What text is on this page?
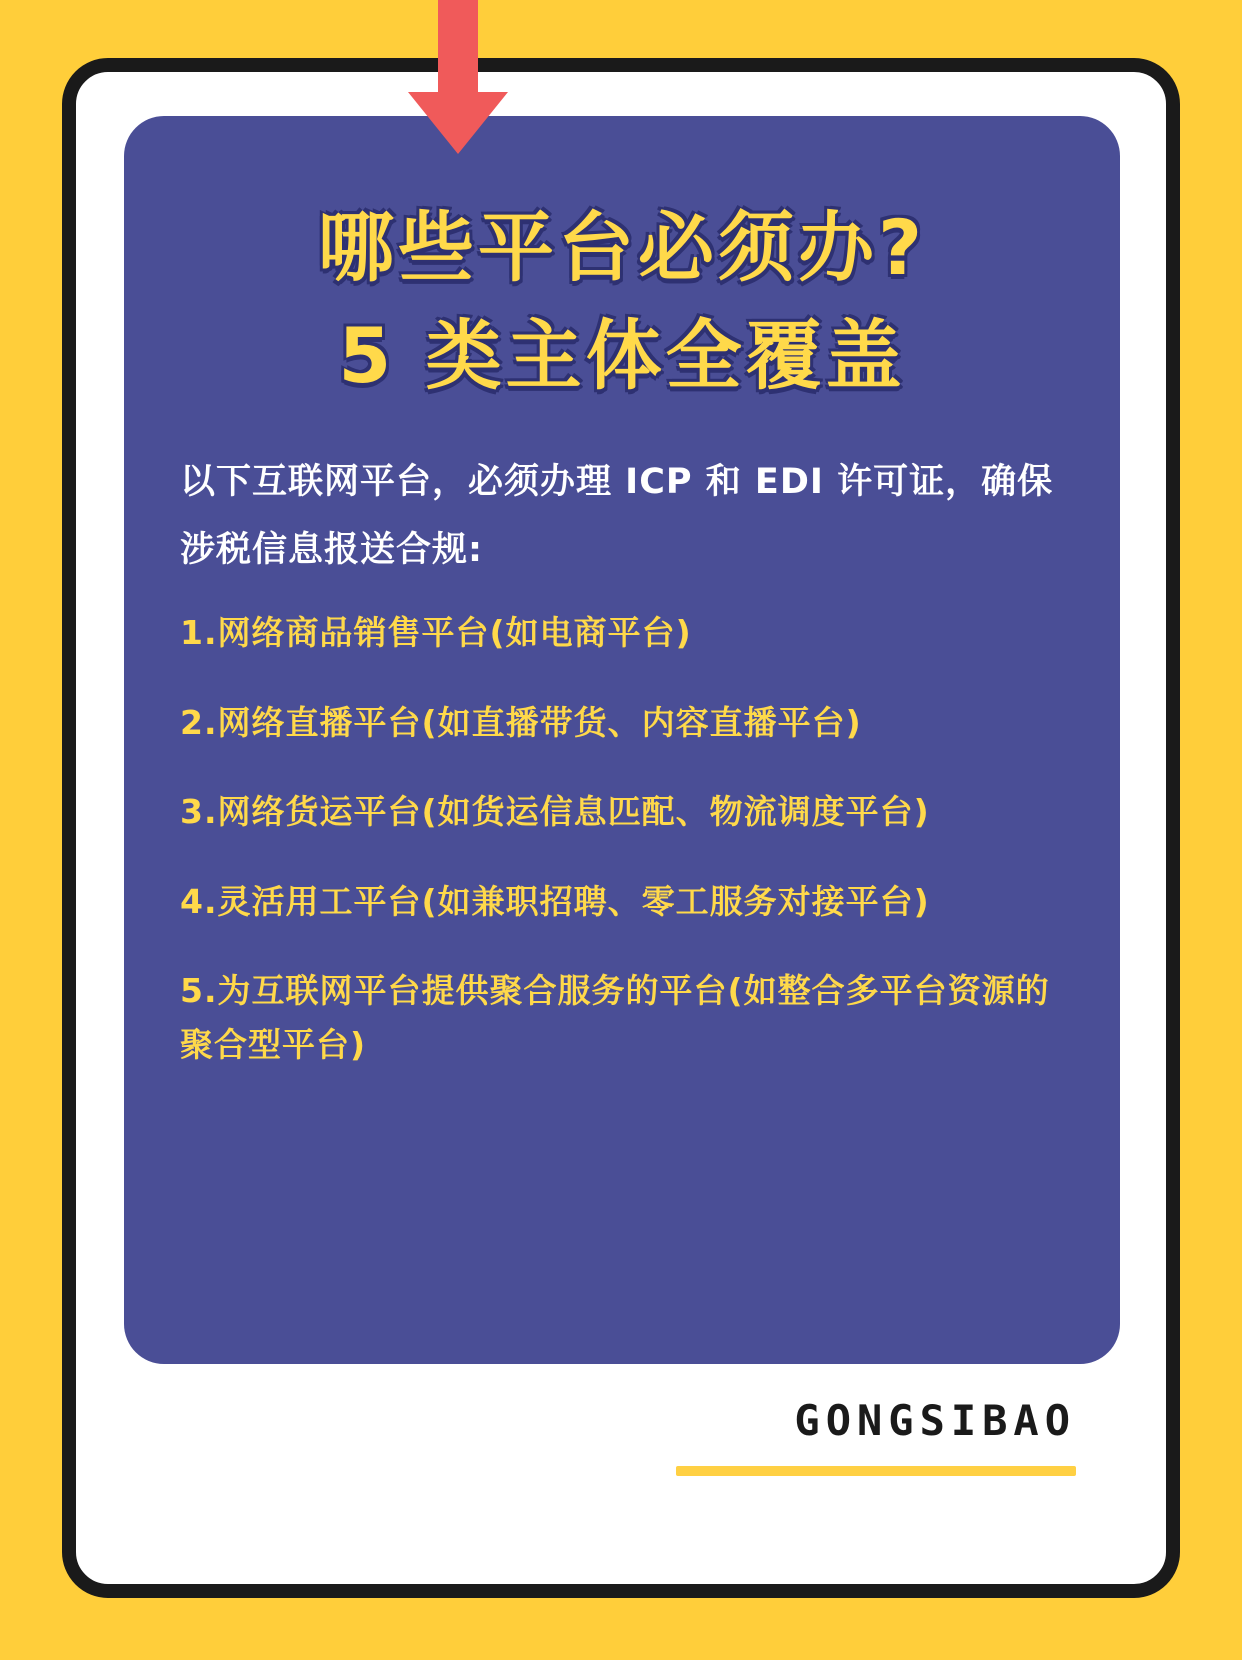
哪些平台必须办?
5 类主体全覆盖
以下互联网平台，必须办理 ICP 和 EDI 许可证，确保涉税信息报送合规:
1.网络商品销售平台(如电商平台)
2.网络直播平台(如直播带货、内容直播平台)
3.网络货运平台(如货运信息匹配、物流调度平台)
4.灵活用工平台(如兼职招聘、零工服务对接平台)
5.为互联网平台提供聚合服务的平台(如整合多平台资源的聚合型平台)
GONGSIBAO
